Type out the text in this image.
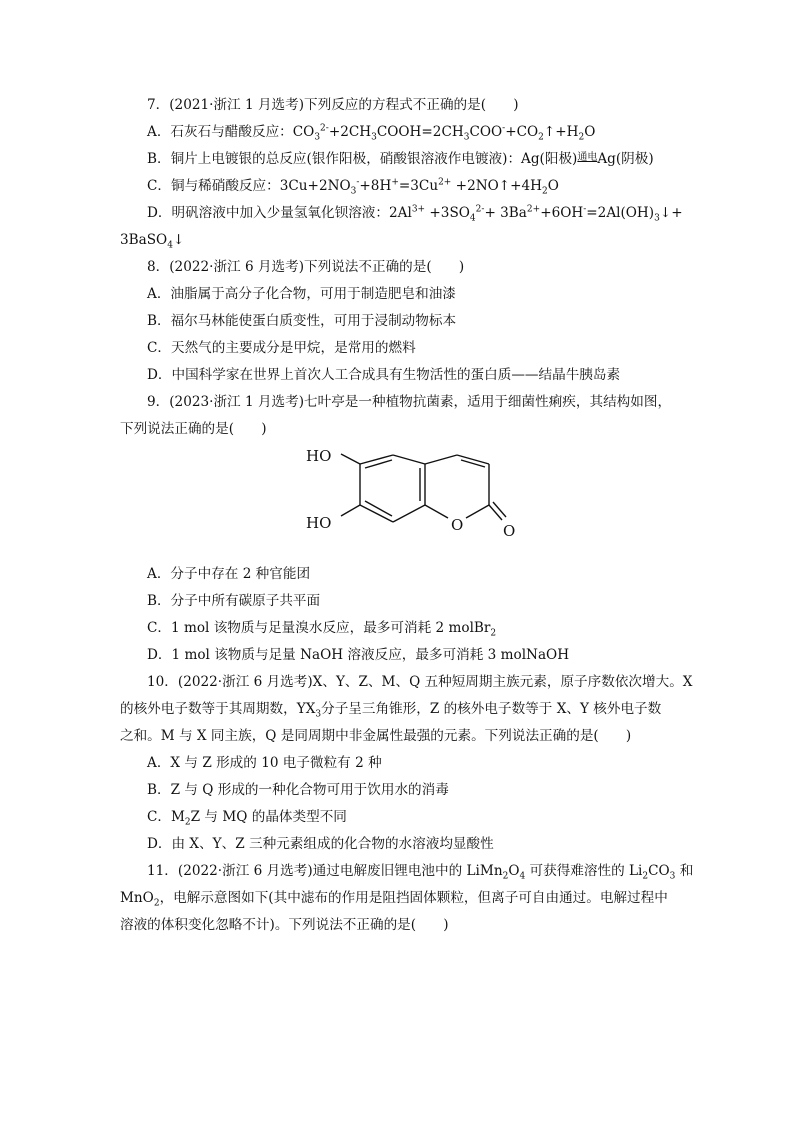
7．(2021·浙江 1 月选考)下列反应的方程式不正确的是(　　)
A．石灰石与醋酸反应：$CO_3^{2-}+2CH_3COOH=2CH_3COO^-+CO_2↑+H_2O$
B．铜片上电镀银的总反应(银作阳极，硝酸银溶液作电镀液)：Ag(阳极)$^{通电}$Ag(阴极)
C．铜与稀硝酸反应：$3Cu+2NO_3^-+8H^+=3Cu^{2+}$ $+2NO↑+4H_2O$
D．明矾溶液中加入少量氢氧化钡溶液：$2Al^{3+} +3SO_4^{2-}+$ $3Ba^{2+}+6OH^-=2Al(OH)_3↓+$
3BaSO$_4$↓
8．(2022·浙江 6 月选考)下列说法不正确的是(　　)
A．油脂属于高分子化合物，可用于制造肥皂和油漆
B．福尔马林能使蛋白质变性，可用于浸制动物标本
C．天然气的主要成分是甲烷，是常用的燃料
D．中国科学家在世界上首次人工合成具有生物活性的蛋白质——结晶牛胰岛素
9．(2023·浙江 1 月选考)七叶亭是一种植物抗菌素，适用于细菌性痢疾，其结构如图，
下列说法正确的是(　　)
HO
HO	O	O
A．分子中存在 2 种官能团
B．分子中所有碳原子共平面
C．1 mol 该物质与足量溴水反应，最多可消耗 2 molBr$_2$
D．1 mol 该物质与足量 NaOH 溶液反应，最多可消耗 3 molNaOH
10．(2022·浙江 6 月选考)X、Y、Z、M、Q 五种短周期主族元素，原子序数依次增大。X
的核外电子数等于其周期数，$YX_3$分子呈三角锥形，Z 的核外电子数等于 X、Y 核外电子数
之和。M 与 X 同主族，Q 是同周期中非金属性最强的元素。下列说法正确的是(　　)
A．X 与 Z 形成的 10 电子微粒有 2 种
B．Z 与 Q 形成的一种化合物可用于饮用水的消毒
C．$M_2Z$ 与 MQ 的晶体类型不同
D．由 X、Y、Z 三种元素组成的化合物的水溶液均显酸性
11．(2022·浙江 6 月选考)通过电解废旧锂电池中的 $LiMn_2O_4$ 可获得难溶性的 $Li_2CO_3$ 和
MnO$_2$，电解示意图如下(其中滤布的作用是阻挡固体颗粒，但离子可自由通过。电解过程中
溶液的体积变化忽略不计)。下列说法不正确的是(　　)
